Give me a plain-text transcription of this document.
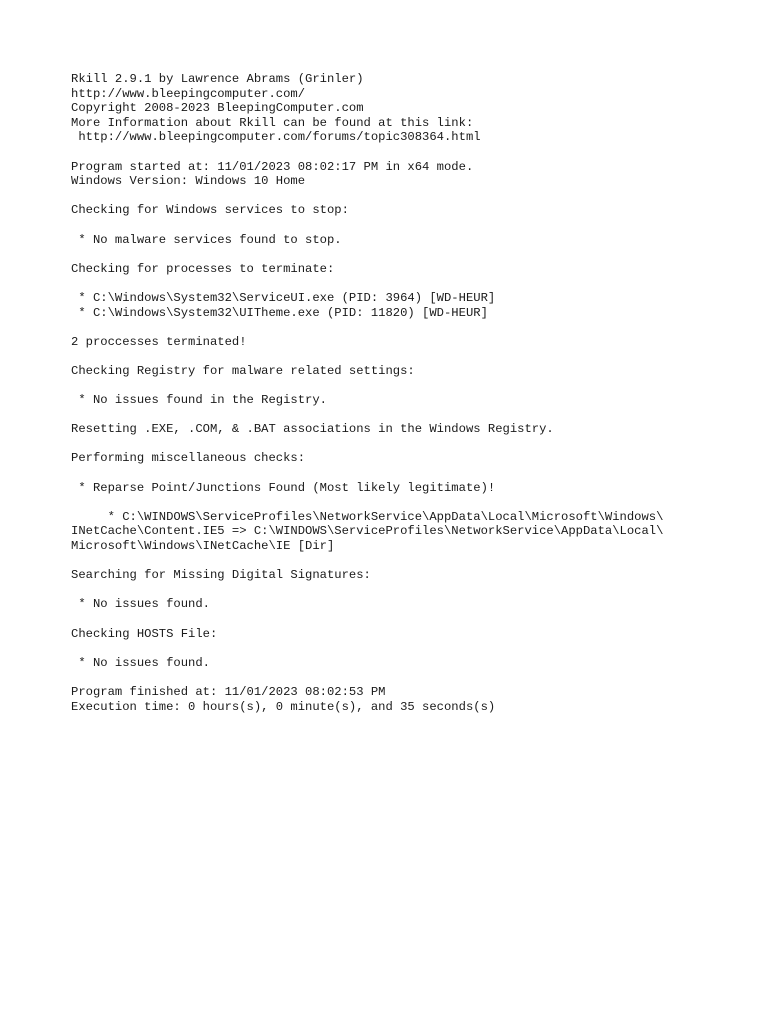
Rkill 2.9.1 by Lawrence Abrams (Grinler)
http://www.bleepingcomputer.com/
Copyright 2008-2023 BleepingComputer.com
More Information about Rkill can be found at this link:
http://www.bleepingcomputer.com/forums/topic308364.html
Program started at: 11/01/2023 08:02:17 PM in x64 mode.
Windows Version: Windows 10 Home
Checking for Windows services to stop:
* No malware services found to stop.
Checking for processes to terminate:
* C:\Windows\System32\ServiceUI.exe (PID: 3964) [WD-HEUR]
* C:\Windows\System32\UITheme.exe (PID: 11820) [WD-HEUR]
2 proccesses terminated!
Checking Registry for malware related settings:
* No issues found in the Registry.
Resetting .EXE, .COM, & .BAT associations in the Windows Registry.
Performing miscellaneous checks:
* Reparse Point/Junctions Found (Most likely legitimate)!
* C:\WINDOWS\ServiceProfiles\NetworkService\AppData\Local\Microsoft\Windows\
INetCache\Content.IE5 => C:\WINDOWS\ServiceProfiles\NetworkService\AppData\Local\
Microsoft\Windows\INetCache\IE [Dir]
Searching for Missing Digital Signatures:
* No issues found.
Checking HOSTS File:
* No issues found.
Program finished at: 11/01/2023 08:02:53 PM
Execution time: 0 hours(s), 0 minute(s), and 35 seconds(s)
